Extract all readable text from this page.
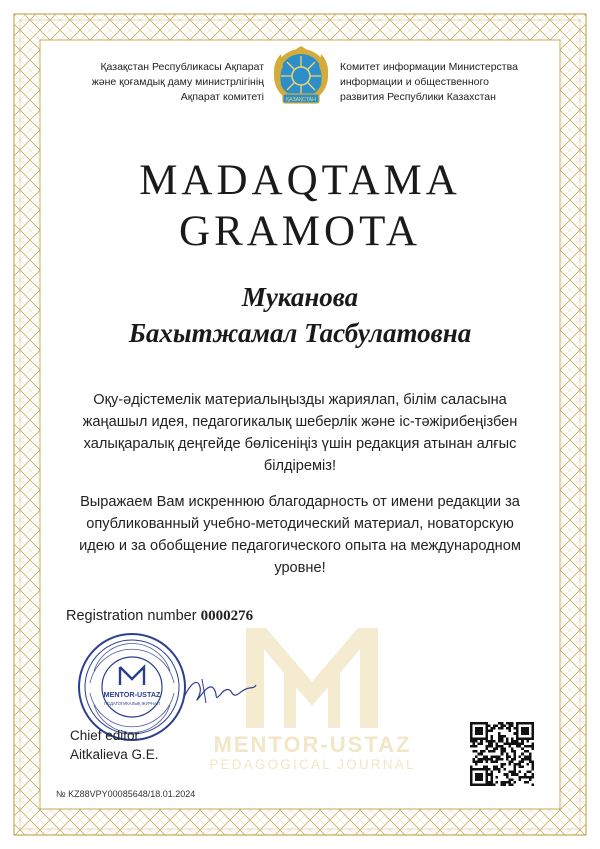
Қазақстан Республикасы Ақпарат
және қоғамдық даму министрлігінің
Ақпарат комитеті	ҚАЗАҚСТАН
Комитет информации Министерства
информации и общественного
развития Республики Казахстан
MADAQTAMA
GRAMOTA
Муканова
Бахытжамал Тасбулатовна
Оқу-әдістемелік материалыңызды жариялап, білім саласына жаңашыл идея, педагогикалық шеберлік және іс-тәжірибеңізбен халықаралық деңгейде бөлісеніңіз үшін редакция атынан алғыс білдіреміз!
Выражаем Вам искреннюю благодарность от имени редакции за опубликованный учебно-методический материал, новаторскую идею и за обобщение педагогического опыта на международном уровне!
MENTOR-USTAZ
PEDAGOGICAL JOURNAL
Registration number 0000276
MENTOR-USTAZ
ПЕДАГОГИКАЛЫҚ ЖУРНАЛ
Chief editor
Aitkalieva G.E.
№ KZ88VPY00085648/18.01.2024
